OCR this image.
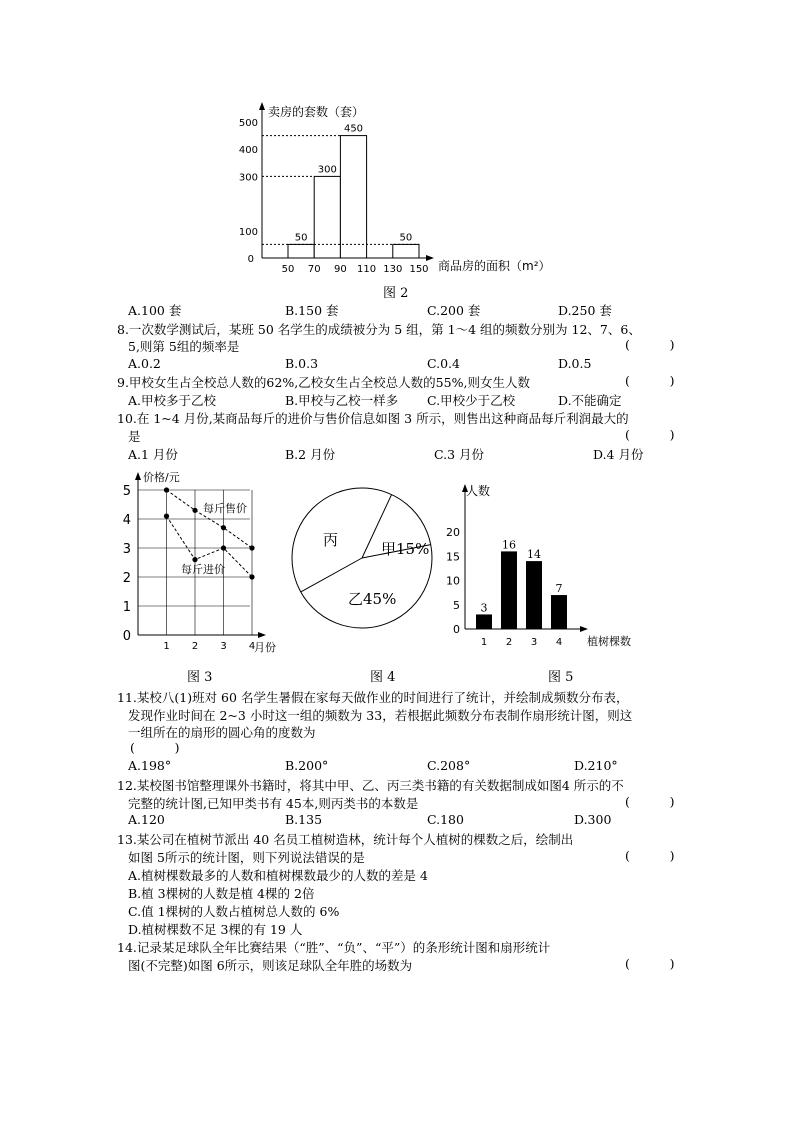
50
300
450
50
100
300
400
500
50 70 90 110 130 150
卖房的套数（套）
商品房的面积（m²）
0
图 2
A.100 套	B.150 套	C.200 套	D.250 套
8.一次数学测试后，某班 50 名学生的成绩被分为 5 组，第 1～4 组的频数分别为 12、7、6、
5,则第 5组的频率是	(          )
A.0.2	B.0.3	C.0.4	D.0.5
9.甲校女生占全校总人数的62%,乙校女生占全校总人数的55%,则女生人数	(          )
A.甲校多于乙校	B.甲校与乙校一样多 C.甲校少于乙校	D.不能确定
10.在 1~4 月份,某商品每斤的进价与售价信息如图 3 所示，则售出这种商品每斤利润最大的
是	(          )
A.1 月份	B.2 月份	C.3 月份	D.4 月份
每斤售价
每斤进价
0
1
2
3
4
5
1 2 3 4
价格/元
月份
图 3
甲15%
乙45%
丙
图 4
3
1
16
2
14
3
7
4
0
5
10
15
20
人数
植树棵数
图 5
11.某校八(1)班对 60 名学生暑假在家每天做作业的时间进行了统计，并绘制成频数分布表，
发现作业时间在 2~3 小时这一组的频数为 33，若根据此频数分布表制作扇形统计图，则这
一组所在的扇形的圆心角的度数为
(          )
A.198°	B.200°	C.208°	D.210°
12.某校图书馆整理课外书籍时，将其中甲、乙、丙三类书籍的有关数据制成如图4 所示的不
完整的统计图,已知甲类书有 45本,则丙类书的本数是	(          )
A.120	B.135	C.180	D.300
13.某公司在植树节派出 40 名员工植树造林，统计每个人植树的棵数之后，绘制出
如图 5所示的统计图，则下列说法错误的是	(          )
A.植树棵数最多的人数和植树棵数最少的人数的差是 4
B.植 3棵树的人数是植 4棵的 2倍
C.值 1棵树的人数占植树总人数的 6%
D.植树棵数不足 3棵的有 19 人
14.记录某足球队全年比赛结果（“胜”、“负”、“平”）的条形统计图和扇形统计
图(不完整)如图 6所示，则该足球队全年胜的场数为	(          )
